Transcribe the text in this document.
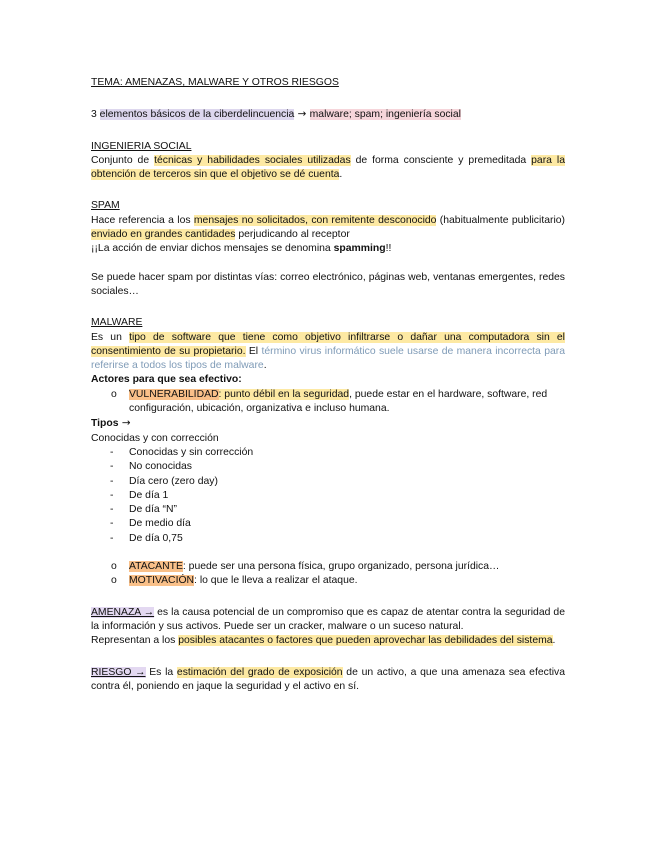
TEMA: AMENAZAS, MALWARE Y OTROS RIESGOS

3 elementos básicos de la ciberdelincuencia → malware; spam; ingeniería social

INGENIERIA SOCIAL

Conjunto de técnicas y habilidades sociales utilizadas de forma consciente y premeditada para la obtención de terceros sin que el objetivo se dé cuenta.

SPAM

Hace referencia a los mensajes no solicitados, con remitente desconocido (habitualmente publicitario) enviado en grandes cantidades perjudicando al receptor

¡¡La acción de enviar dichos mensajes se denomina spamming!!

Se puede hacer spam por distintas vías: correo electrónico, páginas web, ventanas emergentes, redes sociales…

MALWARE

Es un tipo de software que tiene como objetivo infiltrarse o dañar una computadora sin el consentimiento de su propietario. El término virus informático suele usarse de manera incorrecta para referirse a todos los tipos de malware.

Actores para que sea efectivo:

o VULNERABILIDAD: punto débil en la seguridad, puede estar en el hardware, software, red configuración, ubicación, organizativa e incluso humana.

Tipos →

Conocidas y con corrección

- Conocidas y sin corrección
- No conocidas
- Día cero (zero day)
- De día 1
- De día “N”
- De medio día
- De día 0,75
o ATACANTE: puede ser una persona física, grupo organizado, persona jurídica…
o MOTIVACIÓN: lo que le lleva a realizar el ataque.

AMENAZA → es la causa potencial de un compromiso que es capaz de atentar contra la seguridad de la información y sus activos. Puede ser un cracker, malware o un suceso natural.

Representan a los posibles atacantes o factores que pueden aprovechar las debilidades del sistema.

RIESGO → Es la estimación del grado de exposición de un activo, a que una amenaza sea efectiva contra él, poniendo en jaque la seguridad y el activo en sí.
